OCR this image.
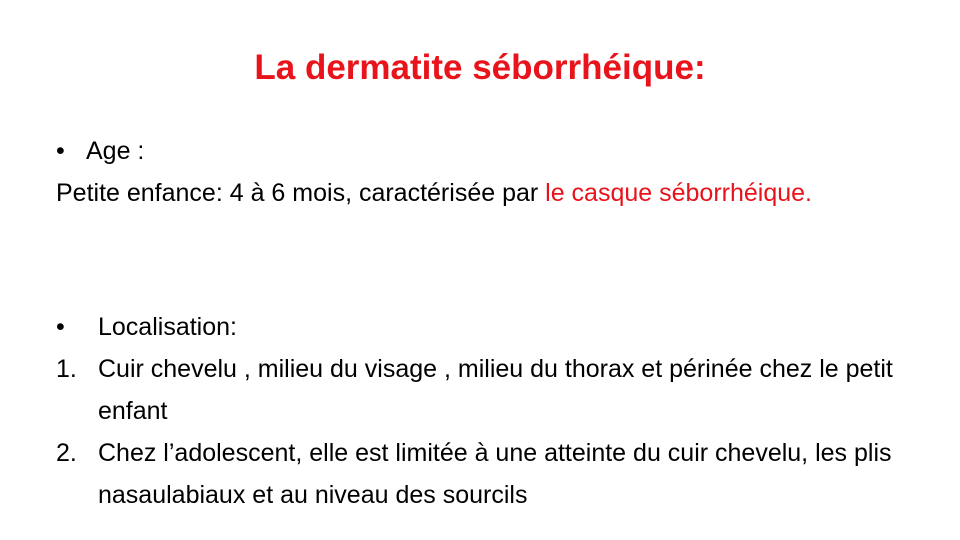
La dermatite séborrhéique:
• Age :
Petite enfance: 4 à 6 mois, caractérisée par le casque séborrhéique.
• Localisation:
1. Cuir chevelu , milieu du visage , milieu du thorax et périnée chez le petit enfant
2. Chez l’adolescent, elle est limitée à une atteinte du cuir chevelu, les plis nasaulabiaux et au niveau des sourcils
